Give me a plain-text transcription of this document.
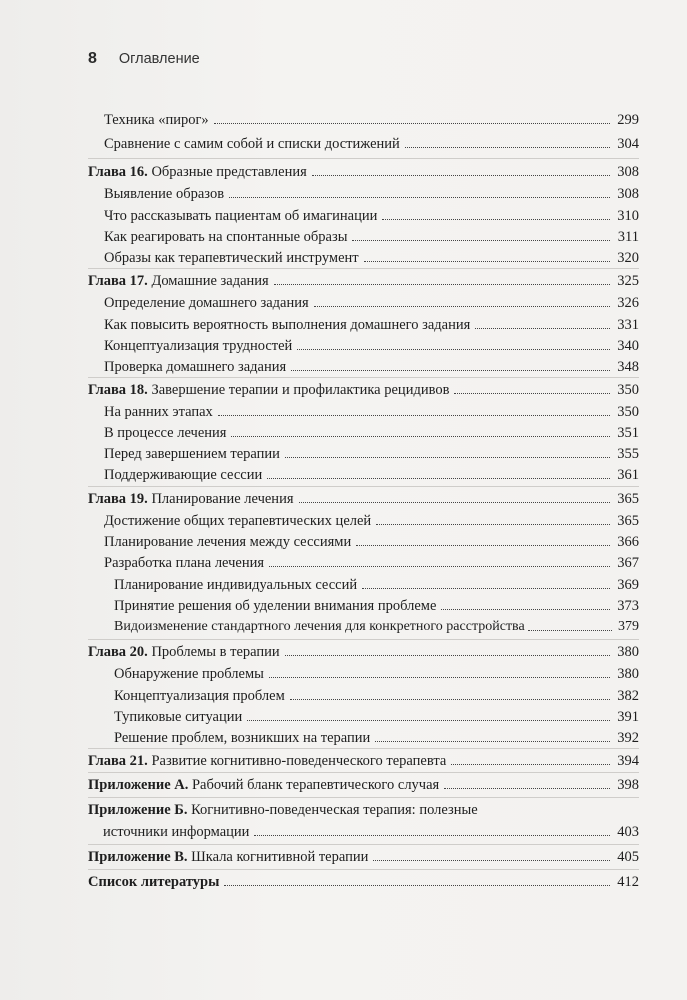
8 Оглавление
Техника «пирог»	299
Сравнение с самим собой и списки достижений	304
Глава 16. Образные представления	308
Выявление образов	308
Что рассказывать пациентам об имагинации	310
Как реагировать на спонтанные образы	311
Образы как терапевтический инструмент	320
Глава 17. Домашние задания	325
Определение домашнего задания	326
Как повысить вероятность выполнения домашнего задания	331
Концептуализация трудностей	340
Проверка домашнего задания	348
Глава 18. Завершение терапии и профилактика рецидивов	350
На ранних этапах	350
В процессе лечения	351
Перед завершением терапии	355
Поддерживающие сессии	361
Глава 19. Планирование лечения	365
Достижение общих терапевтических целей	365
Планирование лечения между сессиями	366
Разработка плана лечения	367
Планирование индивидуальных сессий	369
Принятие решения об уделении внимания проблеме	373
Видоизменение стандартного лечения для конкретного расстройства	379
Глава 20. Проблемы в терапии	380
Обнаружение проблемы	380
Концептуализация проблем	382
Тупиковые ситуации	391
Решение проблем, возникших на терапии	392
Глава 21. Развитие когнитивно-поведенческого терапевта	394
Приложение А. Рабочий бланк терапевтического случая	398
Приложение Б. Когнитивно-поведенческая терапия: полезные
источники информации	403
Приложение В. Шкала когнитивной терапии	405
Список литературы	412
